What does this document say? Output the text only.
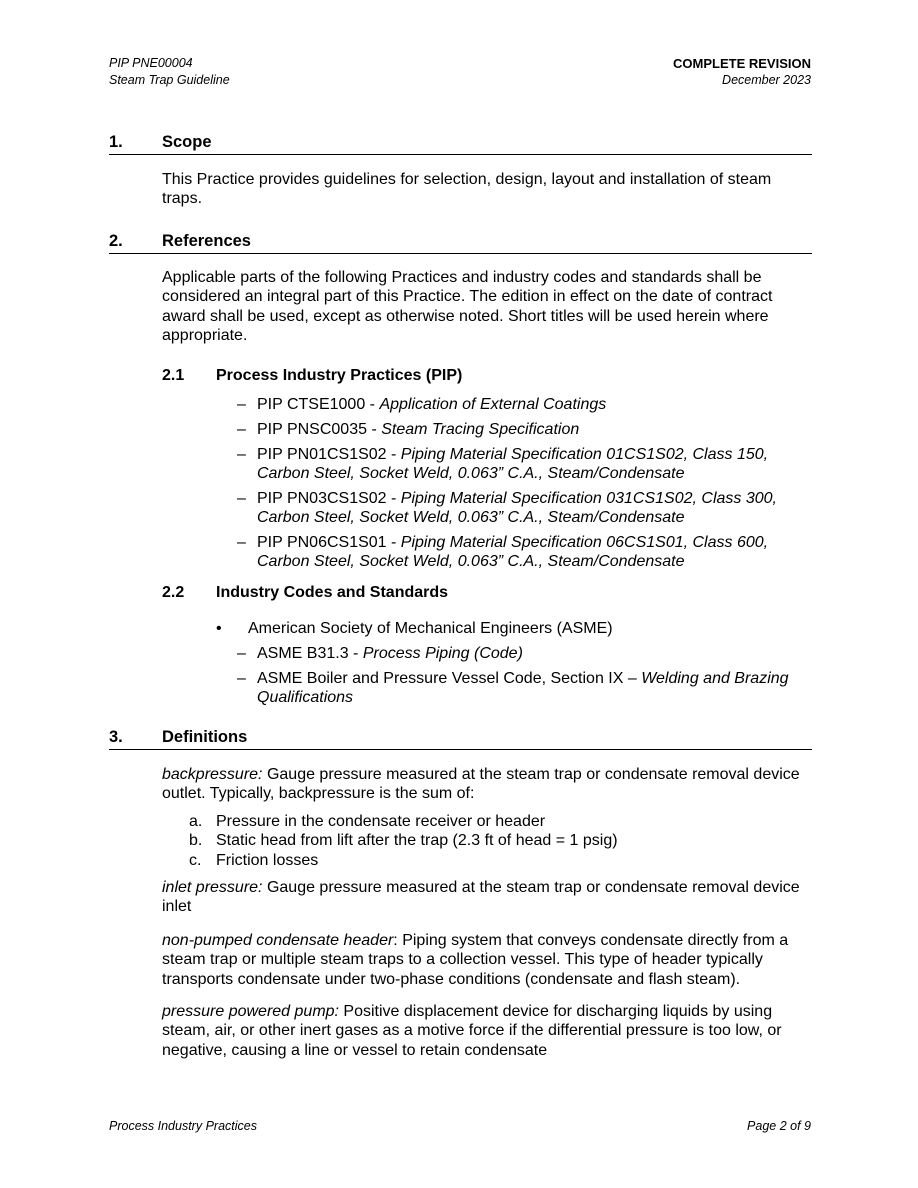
PIP PNE00004
Steam Trap Guideline
COMPLETE REVISION
December 2023
1. Scope
This Practice provides guidelines for selection, design, layout and installation of steam traps.
2. References
Applicable parts of the following Practices and industry codes and standards shall be considered an integral part of this Practice. The edition in effect on the date of contract award shall be used, except as otherwise noted. Short titles will be used herein where appropriate.
2.1 Process Industry Practices (PIP)
– PIP CTSE1000 - Application of External Coatings
– PIP PNSC0035 - Steam Tracing Specification
– PIP PN01CS1S02 - Piping Material Specification 01CS1S02, Class 150, Carbon Steel, Socket Weld, 0.063” C.A., Steam/Condensate
– PIP PN03CS1S02 - Piping Material Specification 031CS1S02, Class 300, Carbon Steel, Socket Weld, 0.063” C.A., Steam/Condensate
– PIP PN06CS1S01 - Piping Material Specification 06CS1S01, Class 600, Carbon Steel, Socket Weld, 0.063” C.A., Steam/Condensate
2.2 Industry Codes and Standards
• American Society of Mechanical Engineers (ASME)
– ASME B31.3 - Process Piping (Code)
– ASME Boiler and Pressure Vessel Code, Section IX – Welding and Brazing Qualifications
3. Definitions
backpressure: Gauge pressure measured at the steam trap or condensate removal device outlet. Typically, backpressure is the sum of:
a. Pressure in the condensate receiver or header
b. Static head from lift after the trap (2.3 ft of head = 1 psig)
c. Friction losses
inlet pressure: Gauge pressure measured at the steam trap or condensate removal device inlet
non-pumped condensate header: Piping system that conveys condensate directly from a steam trap or multiple steam traps to a collection vessel. This type of header typically transports condensate under two-phase conditions (condensate and flash steam).
pressure powered pump: Positive displacement device for discharging liquids by using steam, air, or other inert gases as a motive force if the differential pressure is too low, or negative, causing a line or vessel to retain condensate
Process Industry Practices	Page 2 of 9
